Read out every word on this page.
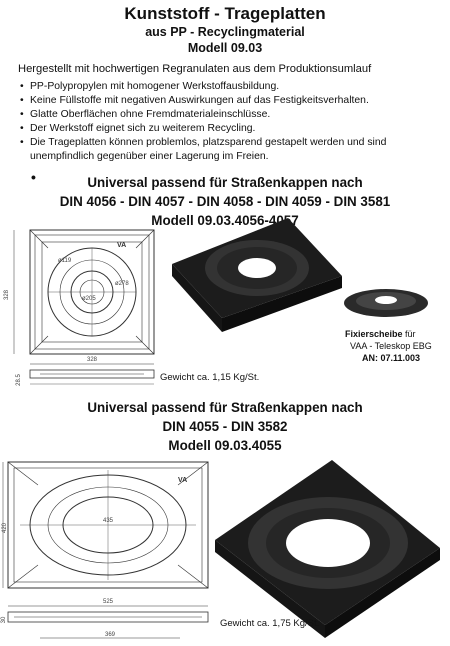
Kunststoff - Trageplatten
aus PP - Recyclingmaterial
Modell 09.03
Hergestellt mit hochwertigen Regranulaten aus dem Produktionsumlauf
• PP-Polypropylen mit homogener Werkstoffausbildung.
• Keine Füllstoffe mit negativen Auswirkungen auf das Festigkeitsverhalten.
• Glatte Oberflächen ohne Fremdmaterialeinschlüsse.
• Der Werkstoff eignet sich zu weiterem Recycling.
• Die Trageplatten können problemlos, platzsparend gestapelt werden und sind unempfindlich gegenüber einer Lagerung im Freien.
•	Universal passend für Straßenkappen nach
DIN 4056 - DIN 4057 - DIN 4058 - DIN 4059 - DIN 3581
Modell 09.03.4056-4057
328
328
ø119
ø278
ø205
28.5
VA
Fixierscheibe für
VAA - Teleskop EBG
AN: 07.11.003
Gewicht ca. 1,15 Kg/St.
Universal passend für Straßenkappen nach
DIN 4055 - DIN 3582
Modell 09.03.4055
420
525
435
369
30
VA
Gewicht ca. 1,75 Kg/St.
